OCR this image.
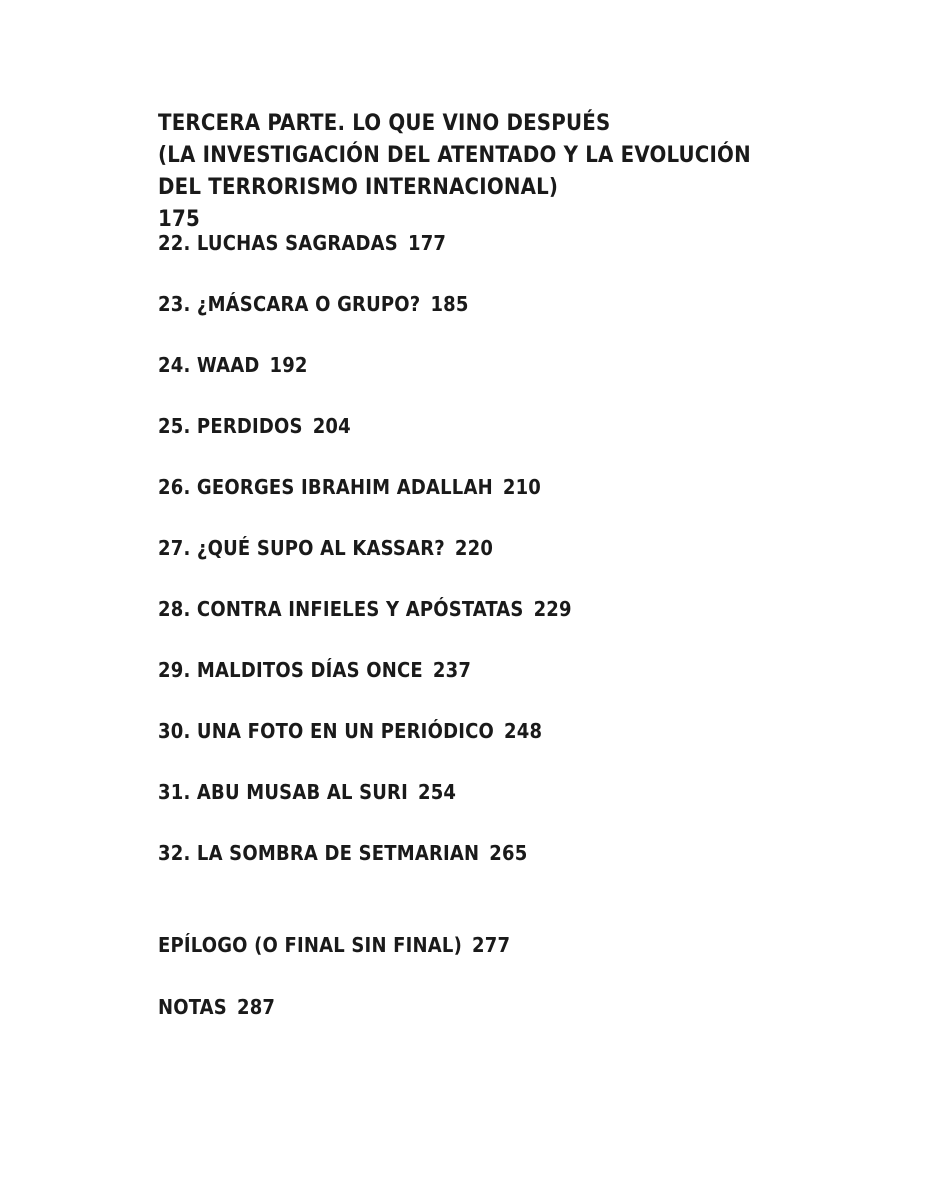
TERCERA PARTE. LO QUE VINO DESPUÉS
(LA INVESTIGACIÓN DEL ATENTADO Y LA EVOLUCIÓN
DEL TERRORISMO INTERNACIONAL)
175
22. LUCHAS SAGRADAS 177
23. ¿MÁSCARA O GRUPO? 185
24. WAAD 192
25. PERDIDOS 204
26. GEORGES IBRAHIM ADALLAH 210
27. ¿QUÉ SUPO AL KASSAR? 220
28. CONTRA INFIELES Y APÓSTATAS 229
29. MALDITOS DÍAS ONCE 237
30. UNA FOTO EN UN PERIÓDICO 248
31. ABU MUSAB AL SURI 254
32. LA SOMBRA DE SETMARIAN 265
EPÍLOGO (O FINAL SIN FINAL) 277
NOTAS 287
